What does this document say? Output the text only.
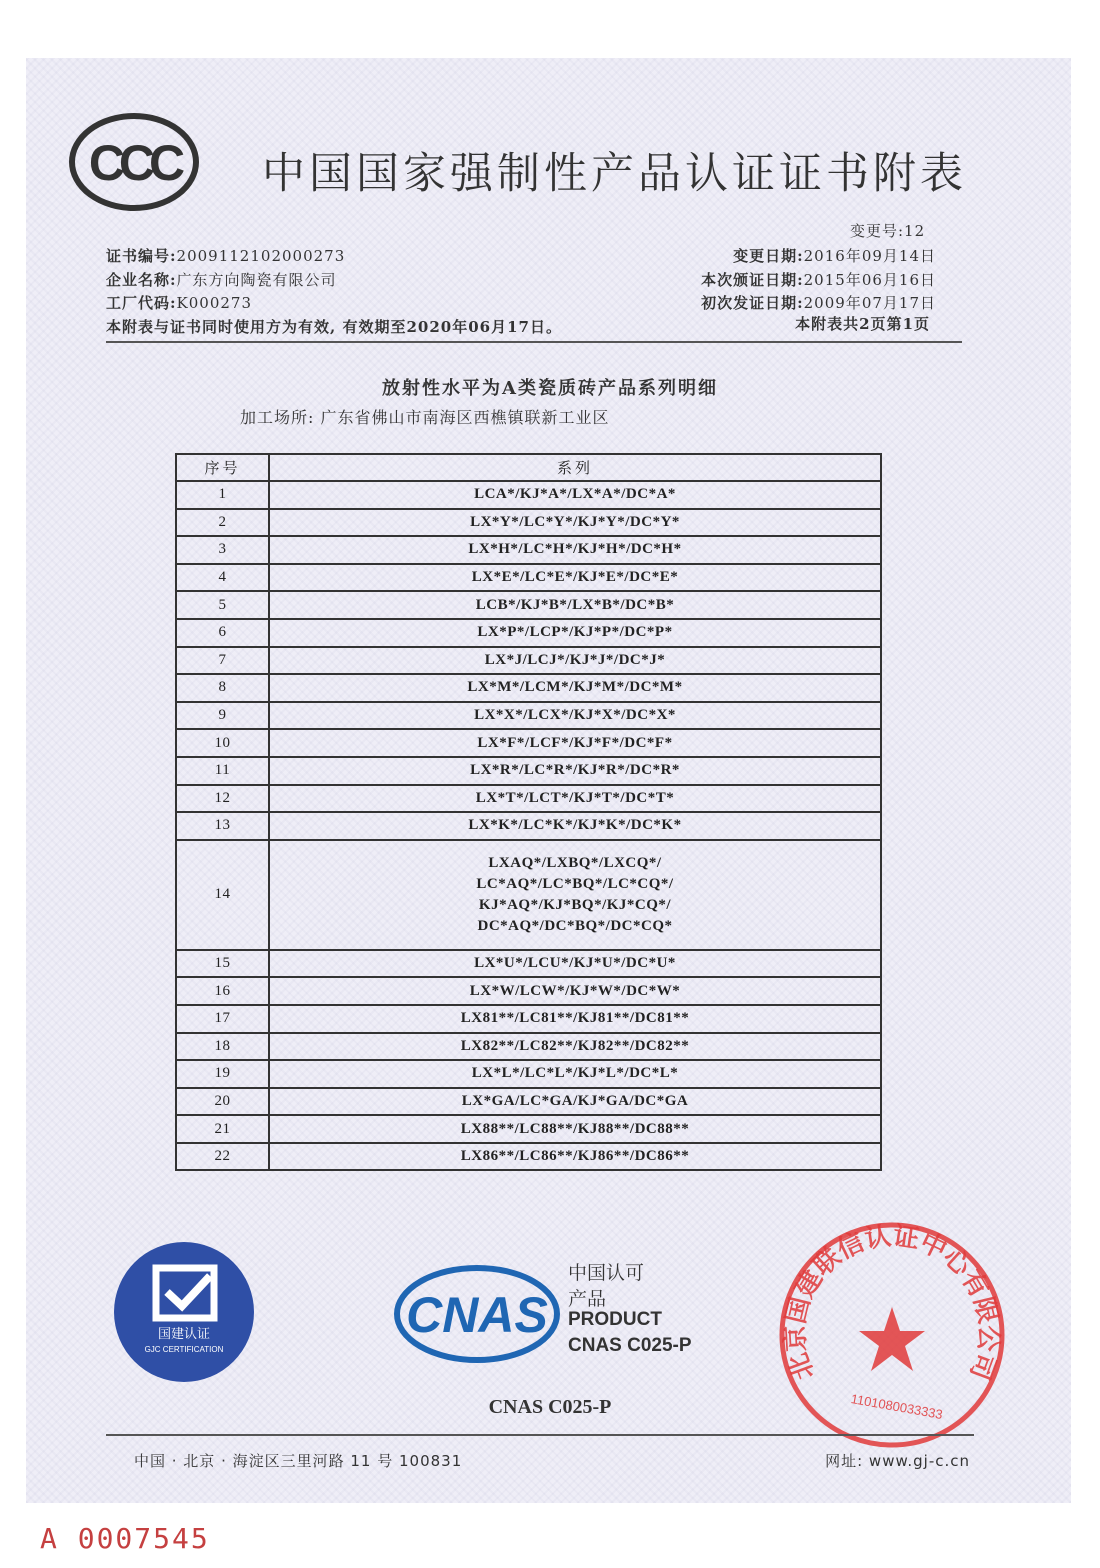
CCC 中国国家强制性产品认证证书附表
变更号:12
证书编号:2009112102000273
企业名称:广东方向陶瓷有限公司
工厂代码:K000273
本附表与证书同时使用方为有效, 有效期至2020年06月17日。
变更日期:2016年09月14日
本次颁证日期:2015年06月16日
初次发证日期:2009年07月17日
本附表共2页第1页
放射性水平为A类瓷质砖产品系列明细
加工场所: 广东省佛山市南海区西樵镇联新工业区
序号	系列
1	LCA*/KJ*A*/LX*A*/DC*A*
2	LX*Y*/LC*Y*/KJ*Y*/DC*Y*
3	LX*H*/LC*H*/KJ*H*/DC*H*
4	LX*E*/LC*E*/KJ*E*/DC*E*
5	LCB*/KJ*B*/LX*B*/DC*B*
6	LX*P*/LCP*/KJ*P*/DC*P*
7	LX*J/LCJ*/KJ*J*/DC*J*
8	LX*M*/LCM*/KJ*M*/DC*M*
9	LX*X*/LCX*/KJ*X*/DC*X*
10	LX*F*/LCF*/KJ*F*/DC*F*
11	LX*R*/LC*R*/KJ*R*/DC*R*
12	LX*T*/LCT*/KJ*T*/DC*T*
13	LX*K*/LC*K*/KJ*K*/DC*K*
14	LXAQ*/LXBQ*/LXCQ*/
LC*AQ*/LC*BQ*/LC*CQ*/
KJ*AQ*/KJ*BQ*/KJ*CQ*/
DC*AQ*/DC*BQ*/DC*CQ*

15	LX*U*/LCU*/KJ*U*/DC*U*
16	LX*W/LCW*/KJ*W*/DC*W*
17	LX81**/LC81**/KJ81**/DC81**
18	LX82**/LC82**/KJ82**/DC82**
19	LX*L*/LC*L*/KJ*L*/DC*L*
20	LX*GA/LC*GA/KJ*GA/DC*GA
21	LX88**/LC88**/KJ88**/DC88**
22	LX86**/LC86**/KJ86**/DC86**
国建认证
GJC CERTIFICATION
CNAS
中国认可
产品
PRODUCT
CNAS C025-P
北京国建联信认证中心有限公司
1101080033333
CNAS C025-P
中国 · 北京 · 海淀区三里河路 11 号 100831	网址: www.gj-c.cn
A 0007545
